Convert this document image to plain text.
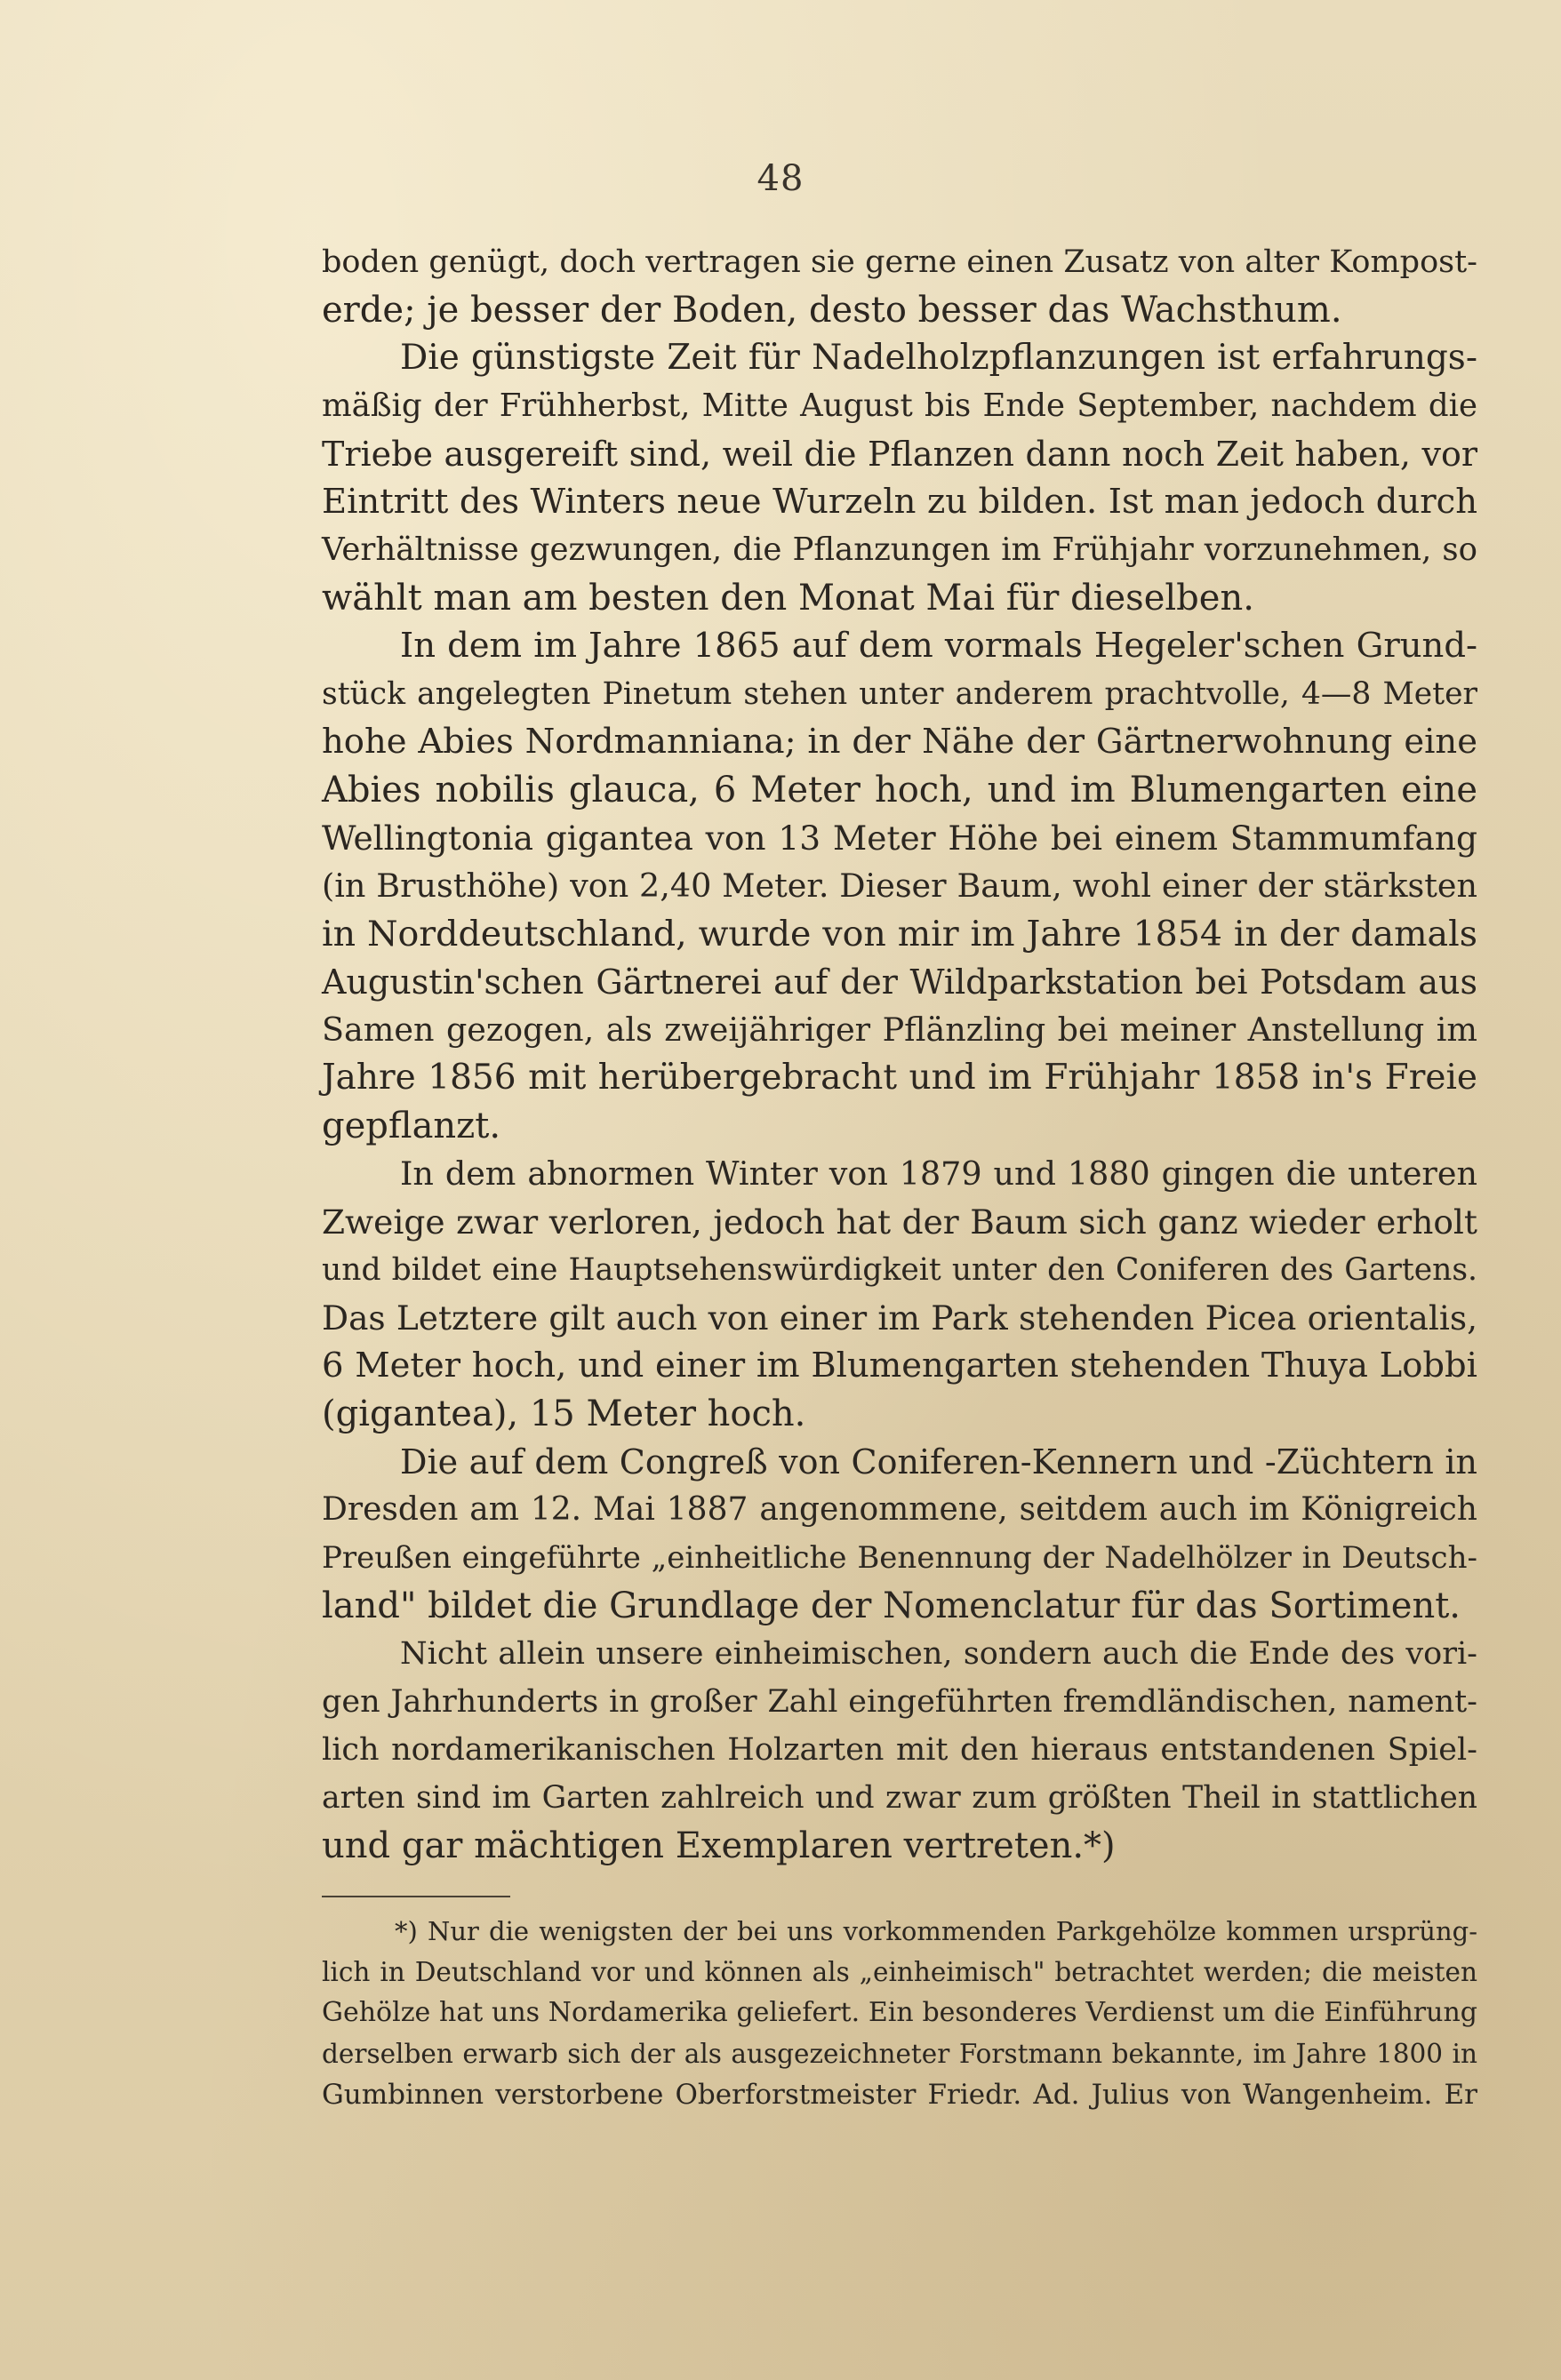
48
boden genügt, doch vertragen sie gerne einen Zusatz von alter Kompost-
erde; je besser der Boden, desto besser das Wachsthum.
Die günstigste Zeit für Nadelholzpflanzungen ist erfahrungs-
mäßig der Frühherbst, Mitte August bis Ende September, nachdem die
Triebe ausgereift sind, weil die Pflanzen dann noch Zeit haben, vor
Eintritt des Winters neue Wurzeln zu bilden. Ist man jedoch durch
Verhältnisse gezwungen, die Pflanzungen im Frühjahr vorzunehmen, so
wählt man am besten den Monat Mai für dieselben.
In dem im Jahre 1865 auf dem vormals Hegeler'schen Grund-
stück angelegten Pinetum stehen unter anderem prachtvolle, 4—8 Meter
hohe Abies Nordmanniana; in der Nähe der Gärtnerwohnung eine
Abies nobilis glauca, 6 Meter hoch, und im Blumengarten eine
Wellingtonia gigantea von 13 Meter Höhe bei einem Stammumfang
(in Brusthöhe) von 2,40 Meter. Dieser Baum, wohl einer der stärksten
in Norddeutschland, wurde von mir im Jahre 1854 in der damals
Augustin'schen Gärtnerei auf der Wildparkstation bei Potsdam aus
Samen gezogen, als zweijähriger Pflänzling bei meiner Anstellung im
Jahre 1856 mit herübergebracht und im Frühjahr 1858 in's Freie
gepflanzt.
In dem abnormen Winter von 1879 und 1880 gingen die unteren
Zweige zwar verloren, jedoch hat der Baum sich ganz wieder erholt
und bildet eine Hauptsehenswürdigkeit unter den Coniferen des Gartens.
Das Letztere gilt auch von einer im Park stehenden Picea orientalis,
6 Meter hoch, und einer im Blumengarten stehenden Thuya Lobbi
(gigantea), 15 Meter hoch.
Die auf dem Congreß von Coniferen-Kennern und -Züchtern in
Dresden am 12. Mai 1887 angenommene, seitdem auch im Königreich
Preußen eingeführte „einheitliche Benennung der Nadelhölzer in Deutsch-
land" bildet die Grundlage der Nomenclatur für das Sortiment.
Nicht allein unsere einheimischen, sondern auch die Ende des vori-
gen Jahrhunderts in großer Zahl eingeführten fremdländischen, nament-
lich nordamerikanischen Holzarten mit den hieraus entstandenen Spiel-
arten sind im Garten zahlreich und zwar zum größten Theil in stattlichen
und gar mächtigen Exemplaren vertreten.*)
*) Nur die wenigsten der bei uns vorkommenden Parkgehölze kommen ursprüng-
lich in Deutschland vor und können als „einheimisch" betrachtet werden; die meisten
Gehölze hat uns Nordamerika geliefert. Ein besonderes Verdienst um die Einführung
derselben erwarb sich der als ausgezeichneter Forstmann bekannte, im Jahre 1800 in
Gumbinnen verstorbene Oberforstmeister Friedr. Ad. Julius von Wangenheim. Er
